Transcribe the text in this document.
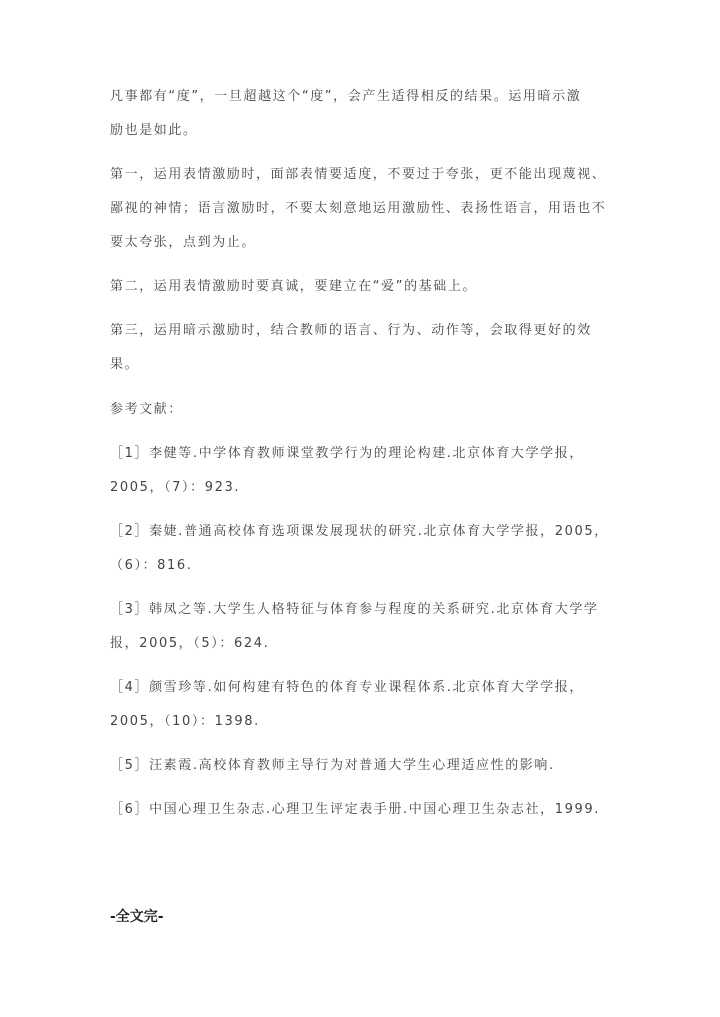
凡事都有“度”，一旦超越这个“度”，会产生适得相反的结果。运用暗示激
励也是如此。
第一，运用表情激励时，面部表情要适度，不要过于夸张，更不能出现蔑视、
鄙视的神情；语言激励时，不要太刻意地运用激励性、表扬性语言，用语也不
要太夸张，点到为止。
第二，运用表情激励时要真诚，要建立在“爱”的基础上。
第三，运用暗示激励时，结合教师的语言、行为、动作等，会取得更好的效
果。
参考文献：
［1］李健等.中学体育教师课堂教学行为的理论构建.北京体育大学学报，
2005，（7）：923.
［2］秦婕.普通高校体育选项课发展现状的研究.北京体育大学学报，2005，
（6）：816.
［3］韩凤之等.大学生人格特征与体育参与程度的关系研究.北京体育大学学
报，2005，（5）：624.
［4］颜雪珍等.如何构建有特色的体育专业课程体系.北京体育大学学报，
2005，（10）：1398.
［5］汪素霞.高校体育教师主导行为对普通大学生心理适应性的影响.
［6］中国心理卫生杂志.心理卫生评定表手册.中国心理卫生杂志社，1999.
-全文完-
